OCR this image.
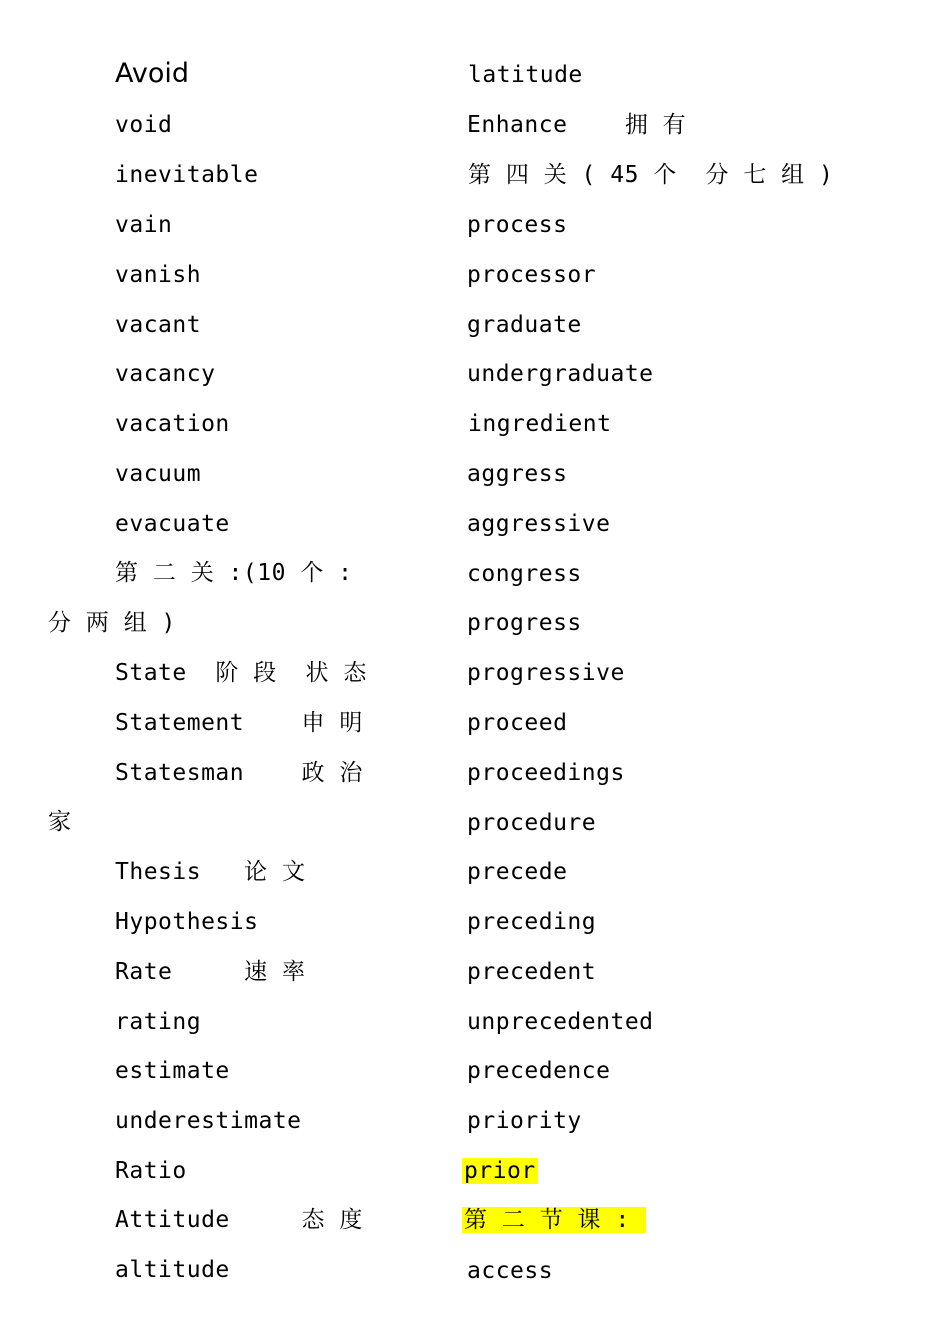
Avoid
void
inevitable
vain
vanish
vacant
vacancy
vacation
vacuum
evacuate
第 二 关 :(10 个 :
分 两 组 )
State  阶 段  状 态
Statement    申 明
Statesman    政 治
家
Thesis   论 文
Hypothesis
Rate     速 率
rating
estimate
underestimate
Ratio
Attitude     态 度
altitude
latitude
Enhance    拥 有
第 四 关 ( 45 个  分 七 组 )
process
processor
graduate
undergraduate
ingredient
aggress
aggressive
congress
progress
progressive
proceed
proceedings
procedure
precede
preceding
precedent
unprecedented
precedence
priority
prior
第 二 节 课 :
access
